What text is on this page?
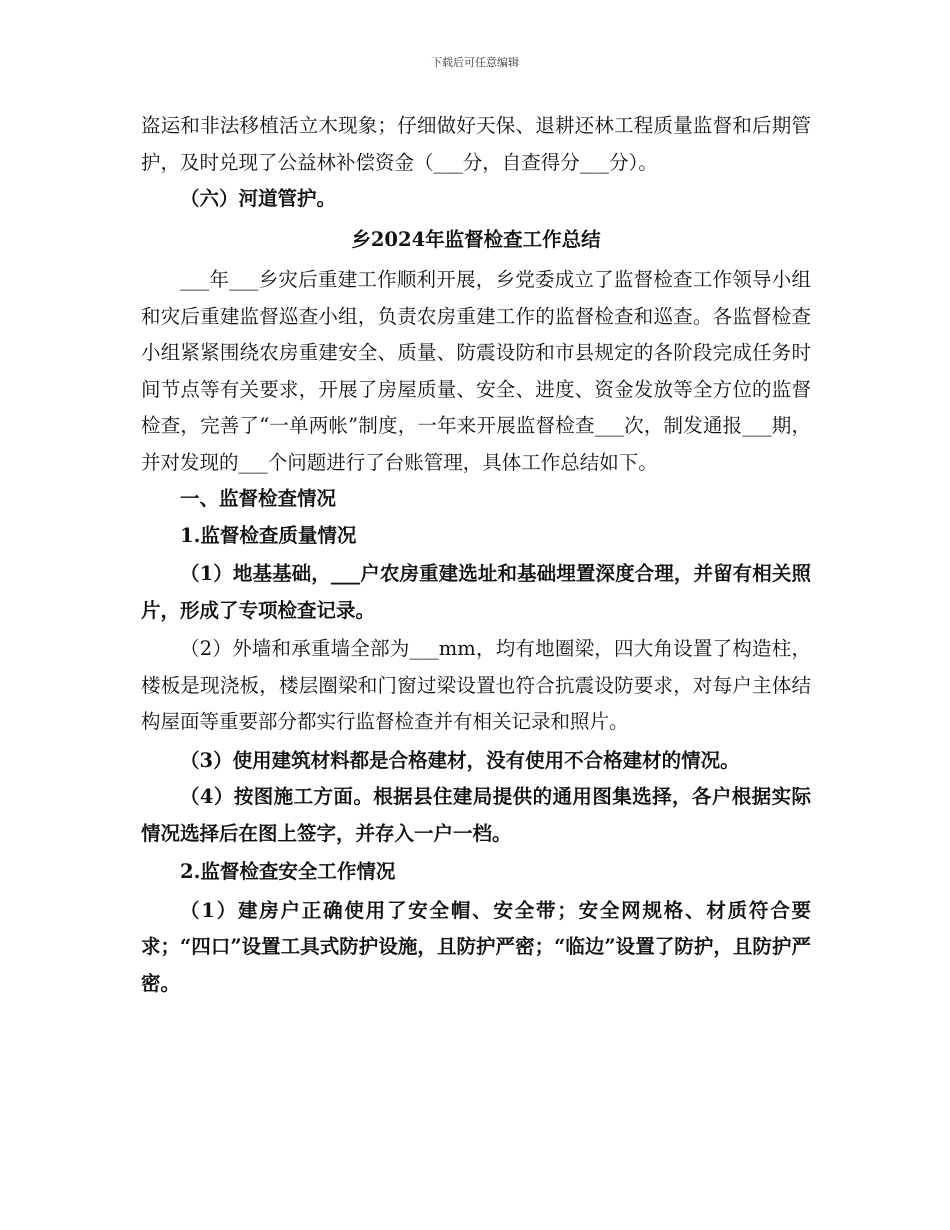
下载后可任意编辑

盗运和非法移植活立木现象；仔细做好天保、退耕还林工程质量监督和后期管护，及时兑现了公益林补偿资金（___分，自查得分___分）。

（六）河道管护。

乡2024年监督检查工作总结

___年___乡灾后重建工作顺利开展，乡党委成立了监督检查工作领导小组和灾后重建监督巡查小组，负责农房重建工作的监督检查和巡查。各监督检查小组紧紧围绕农房重建安全、质量、防震设防和市县规定的各阶段完成任务时间节点等有关要求，开展了房屋质量、安全、进度、资金发放等全方位的监督检查，完善了“一单两帐”制度，一年来开展监督检查___次，制发通报___期，并对发现的___个问题进行了台账管理，具体工作总结如下。

一、监督检查情况

1.监督检查质量情况

（1）地基基础，___户农房重建选址和基础埋置深度合理，并留有相关照片，形成了专项检查记录。

（2）外墙和承重墙全部为___mm，均有地圈梁，四大角设置了构造柱，楼板是现浇板，楼层圈梁和门窗过梁设置也符合抗震设防要求，对每户主体结构屋面等重要部分都实行监督检查并有相关记录和照片。

（3）使用建筑材料都是合格建材，没有使用不合格建材的情况。

（4）按图施工方面。根据县住建局提供的通用图集选择，各户根据实际情况选择后在图上签字，并存入一户一档。

2.监督检查安全工作情况

（1）建房户正确使用了安全帽、安全带；安全网规格、材质符合要求；“四口”设置工具式防护设施，且防护严密；“临边”设置了防护，且防护严密。
